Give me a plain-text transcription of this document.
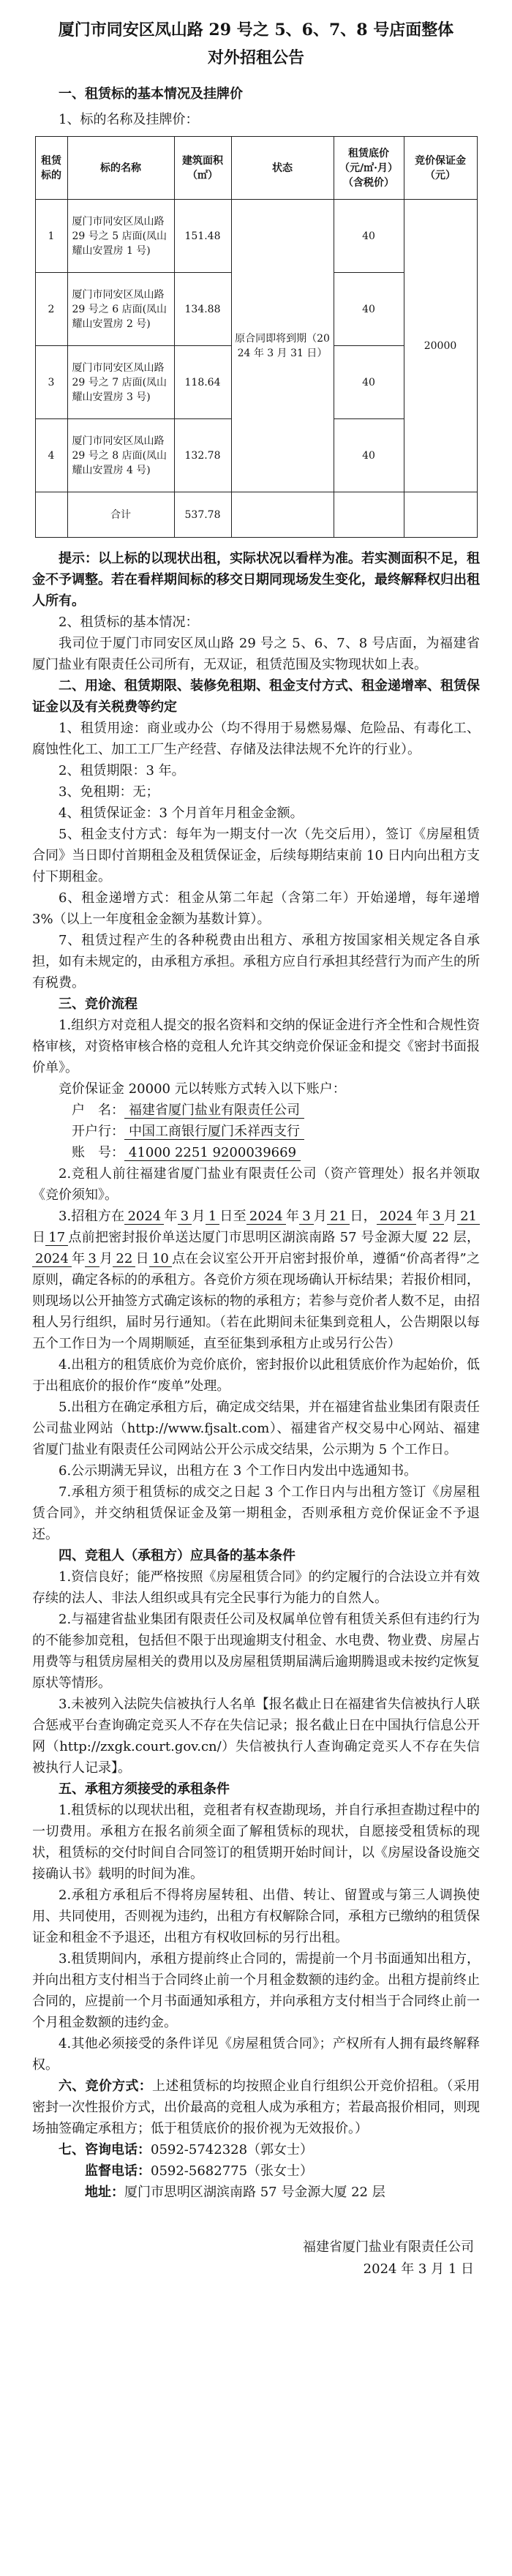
厦门市同安区凤山路 29 号之 5、6、7、8 号店面整体
对外招租公告

一、租赁标的基本情况及挂牌价

1、标的名称及挂牌价：

租赁标的	标的名称	建筑面积（㎡）	状态	租赁底价（元/㎡·月）（含税价）	竞价保证金（元）
1	厦门市同安区凤山路 29 号之 5 店面(凤山耀山安置房 1 号)	151.48	原合同即将到期（2024 年 3 月 31 日）	40	20000
2	厦门市同安区凤山路 29 号之 6 店面(凤山耀山安置房 2 号)	134.88		40	
3	厦门市同安区凤山路 29 号之 7 店面(凤山耀山安置房 3 号)	118.64		40	
4	厦门市同安区凤山路 29 号之 8 店面(凤山耀山安置房 4 号)	132.78		40	
	合计	537.78			

提示：以上标的以现状出租，实际状况以看样为准。若实测面积不足，租金不予调整。若在看样期间标的移交日期同现场发生变化，最终解释权归出租人所有。

2、租赁标的基本情况：

我司位于厦门市同安区凤山路 29 号之 5、6、7、8 号店面，为福建省厦门盐业有限责任公司所有，无双证，租赁范围及实物现状如上表。

二、用途、租赁期限、装修免租期、租金支付方式、租金递增率、租赁保证金以及有关税费等约定

1、租赁用途：商业或办公（均不得用于易燃易爆、危险品、有毒化工、腐蚀性化工、加工工厂生产经营、存储及法律法规不允许的行业）。

2、租赁期限：3 年。

3、免租期：无；

4、租赁保证金：3 个月首年月租金金额。

5、租金支付方式：每年为一期支付一次（先交后用），签订《房屋租赁合同》当日即付首期租金及租赁保证金，后续每期结束前 10 日内向出租方支付下期租金。

6、租金递增方式：租金从第二年起（含第二年）开始递增，每年递增 3%（以上一年度租金金额为基数计算）。

7、租赁过程产生的各种税费由出租方、承租方按国家相关规定各自承担，如有未规定的，由承租方承担。承租方应自行承担其经营行为而产生的所有税费。

三、竞价流程

1.组织方对竞租人提交的报名资料和交纳的保证金进行齐全性和合规性资格审核，对资格审核合格的竞租人允许其交纳竞价保证金和提交《密封书面报价单》。

竞价保证金 20000 元以转账方式转入以下账户：

户　名： 福建省厦门盐业有限责任公司

开户行： 中国工商银行厦门禾祥西支行

账　号： 41000 2251 9200039669

2.竞租人前往福建省厦门盐业有限责任公司（资产管理处）报名并领取《竞价须知》。

3.招租方在 2024 年 3 月 1 日至 2024 年 3 月 21 日， 2024 年 3 月 21日 17 点前把密封报价单送达厦门市思明区湖滨南路 57 号金源大厦 22 层，2024 年 3 月 22 日 10 点在会议室公开开启密封报价单，遵循“价高者得”之原则，确定各标的的承租方。各竞价方须在现场确认开标结果；若报价相同，则现场以公开抽签方式确定该标的物的承租方；若参与竞价者人数不足，由招租人另行组织，届时另行通知。（若在此期间未征集到竞租人，公告期限以每五个工作日为一个周期顺延，直至征集到承租方止或另行公告）

4.出租方的租赁底价为竞价底价，密封报价以此租赁底价作为起始价，低于出租底价的报价作“废单”处理。

5.出租方在确定承租方后，确定成交结果，并在福建省盐业集团有限责任公司盐业网站（http://www.fjsalt.com）、福建省产权交易中心网站、福建省厦门盐业有限责任公司网站公开公示成交结果，公示期为 5 个工作日。

6.公示期满无异议，出租方在 3 个工作日内发出中选通知书。

7.承租方须于租赁标的成交之日起 3 个工作日内与出租方签订《房屋租赁合同》，并交纳租赁保证金及第一期租金，否则承租方竞价保证金不予退还。

四、竞租人（承租方）应具备的基本条件

1.资信良好；能严格按照《房屋租赁合同》的约定履行的合法设立并有效存续的法人、非法人组织或具有完全民事行为能力的自然人。

2.与福建省盐业集团有限责任公司及权属单位曾有租赁关系但有违约行为的不能参加竞租，包括但不限于出现逾期支付租金、水电费、物业费、房屋占用费等与租赁房屋相关的费用以及房屋租赁期届满后逾期腾退或未按约定恢复原状等情形。

3.未被列入法院失信被执行人名单【报名截止日在福建省失信被执行人联合惩戒平台查询确定竞买人不存在失信记录；报名截止日在中国执行信息公开网（http://zxgk.court.gov.cn/）失信被执行人查询确定竞买人不存在失信被执行人记录】。

五、承租方须接受的承租条件

1.租赁标的以现状出租，竞租者有权查勘现场，并自行承担查勘过程中的一切费用。承租方在报名前须全面了解租赁标的现状，自愿接受租赁标的现状，租赁标的交付时间自合同签订的租赁期开始时间计，以《房屋设备设施交接确认书》载明的时间为准。

2.承租方承租后不得将房屋转租、出借、转让、留置或与第三人调换使用、共同使用，否则视为违约，出租方有权解除合同，承租方已缴纳的租赁保证金和租金不予退还，出租方有权收回标的另行出租。

3.租赁期间内，承租方提前终止合同的，需提前一个月书面通知出租方，并向出租方支付相当于合同终止前一个月租金数额的违约金。出租方提前终止合同的，应提前一个月书面通知承租方，并向承租方支付相当于合同终止前一个月租金数额的违约金。

4.其他必须接受的条件详见《房屋租赁合同》；产权所有人拥有最终解释权。

六、竞价方式：上述租赁标的均按照企业自行组织公开竞价招租。（采用密封一次性报价方式，出价最高的竞租人成为承租方；若最高报价相同，则现场抽签确定承租方；低于租赁底价的报价视为无效报价。）

七、咨询电话：0592-5742328（郭女士）

监督电话：0592-5682775（张女士）

地址：厦门市思明区湖滨南路 57 号金源大厦 22 层

福建省厦门盐业有限责任公司
2024 年 3 月 1 日
